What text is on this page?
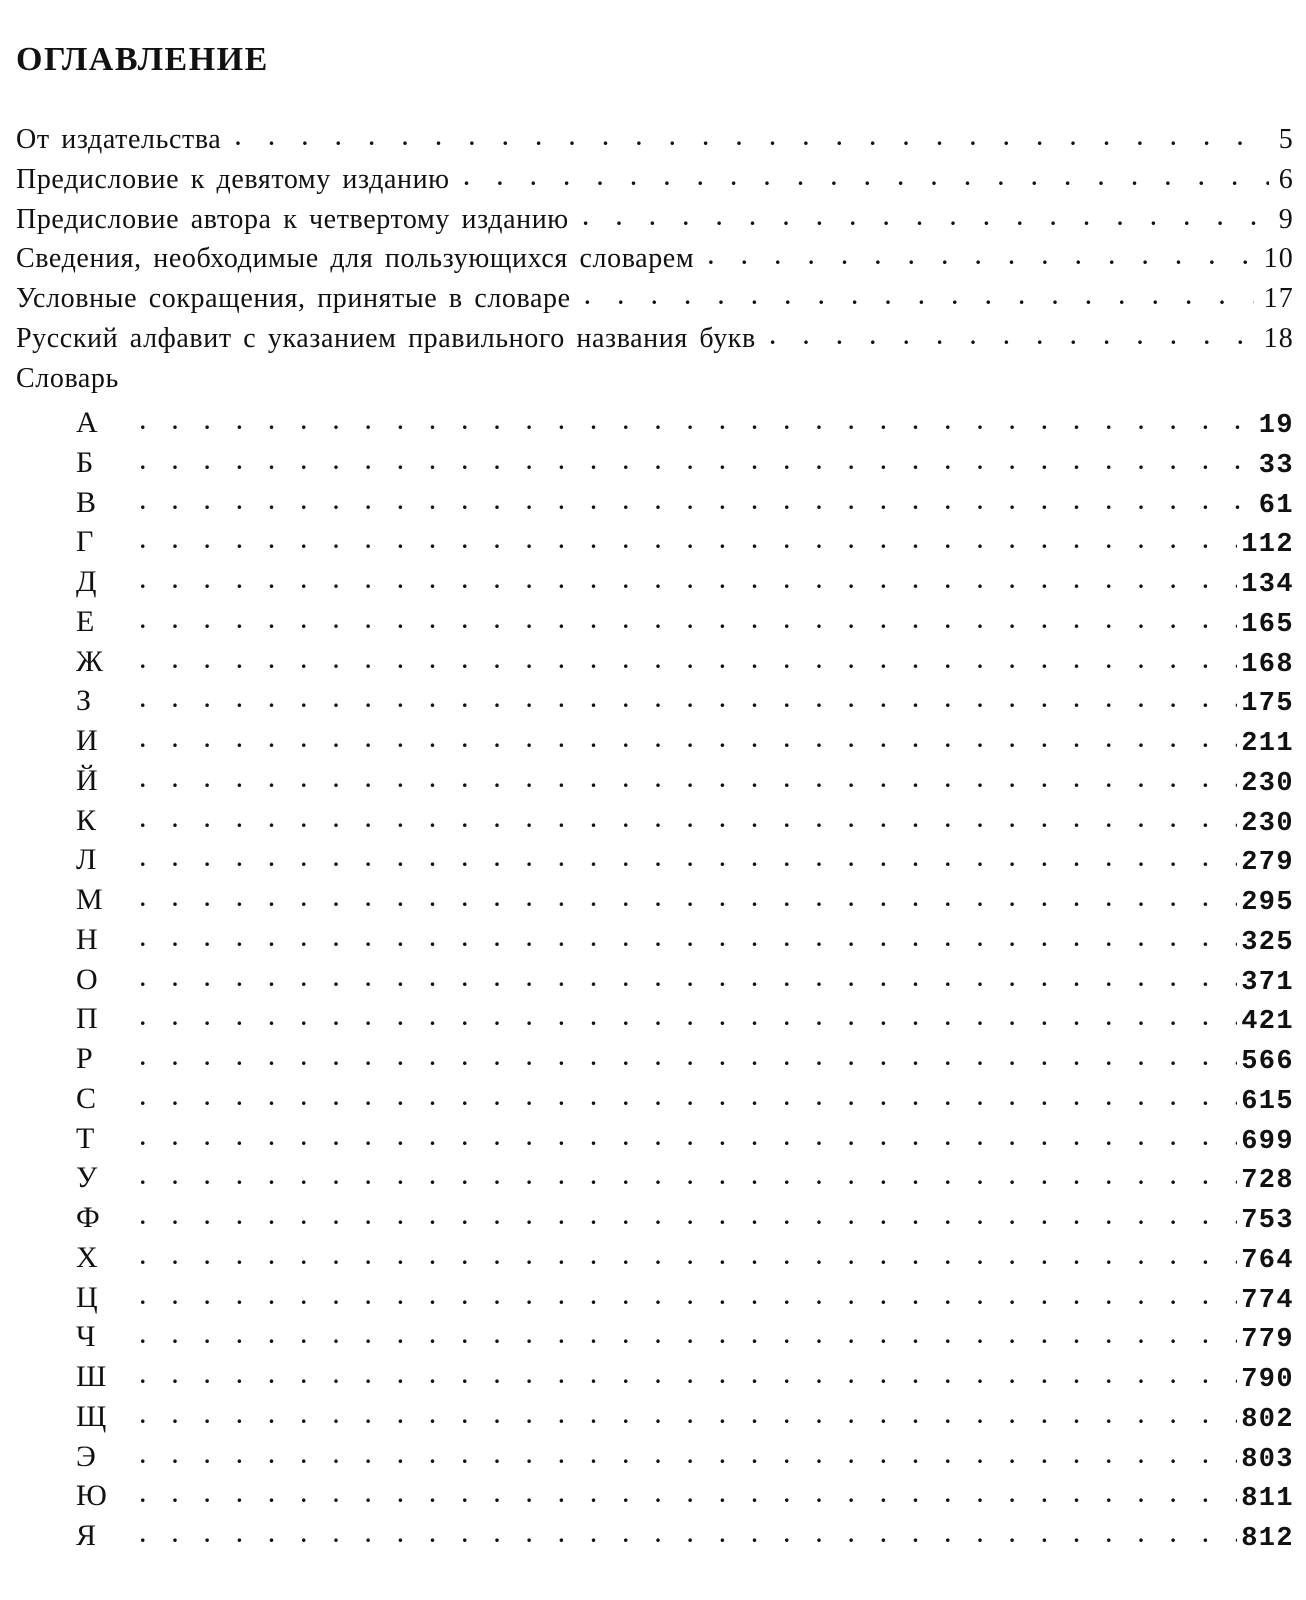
ОГЛАВЛЕНИЕ
От издательства . . .	5
Предисловие к девятому изданию . . .	6
Предисловие автора к четвертому изданию . . .	9
Сведения, необходимые для пользующихся словарем . . .	10
Условные сокращения, принятые в словаре . . .	17
Русский алфавит с указанием правильного названия букв . . .	18
Словарь
А . . .	19
Б . . .	33
В . . .	61
Г . . .	112
Д . . .	134
Е . . .	165
Ж . . .	168
З . . .	175
И . . .	211
Й . . .	230
К . . .	230
Л . . .	279
М . . .	295
Н . . .	325
О . . .	371
П . . .	421
Р . . .	566
С . . .	615
Т . . .	699
У . . .	728
Ф . . .	753
Х . . .	764
Ц . . .	774
Ч . . .	779
Ш . . .	790
Щ . . .	802
Э . . .	803
Ю . . .	811
Я . . .	812
